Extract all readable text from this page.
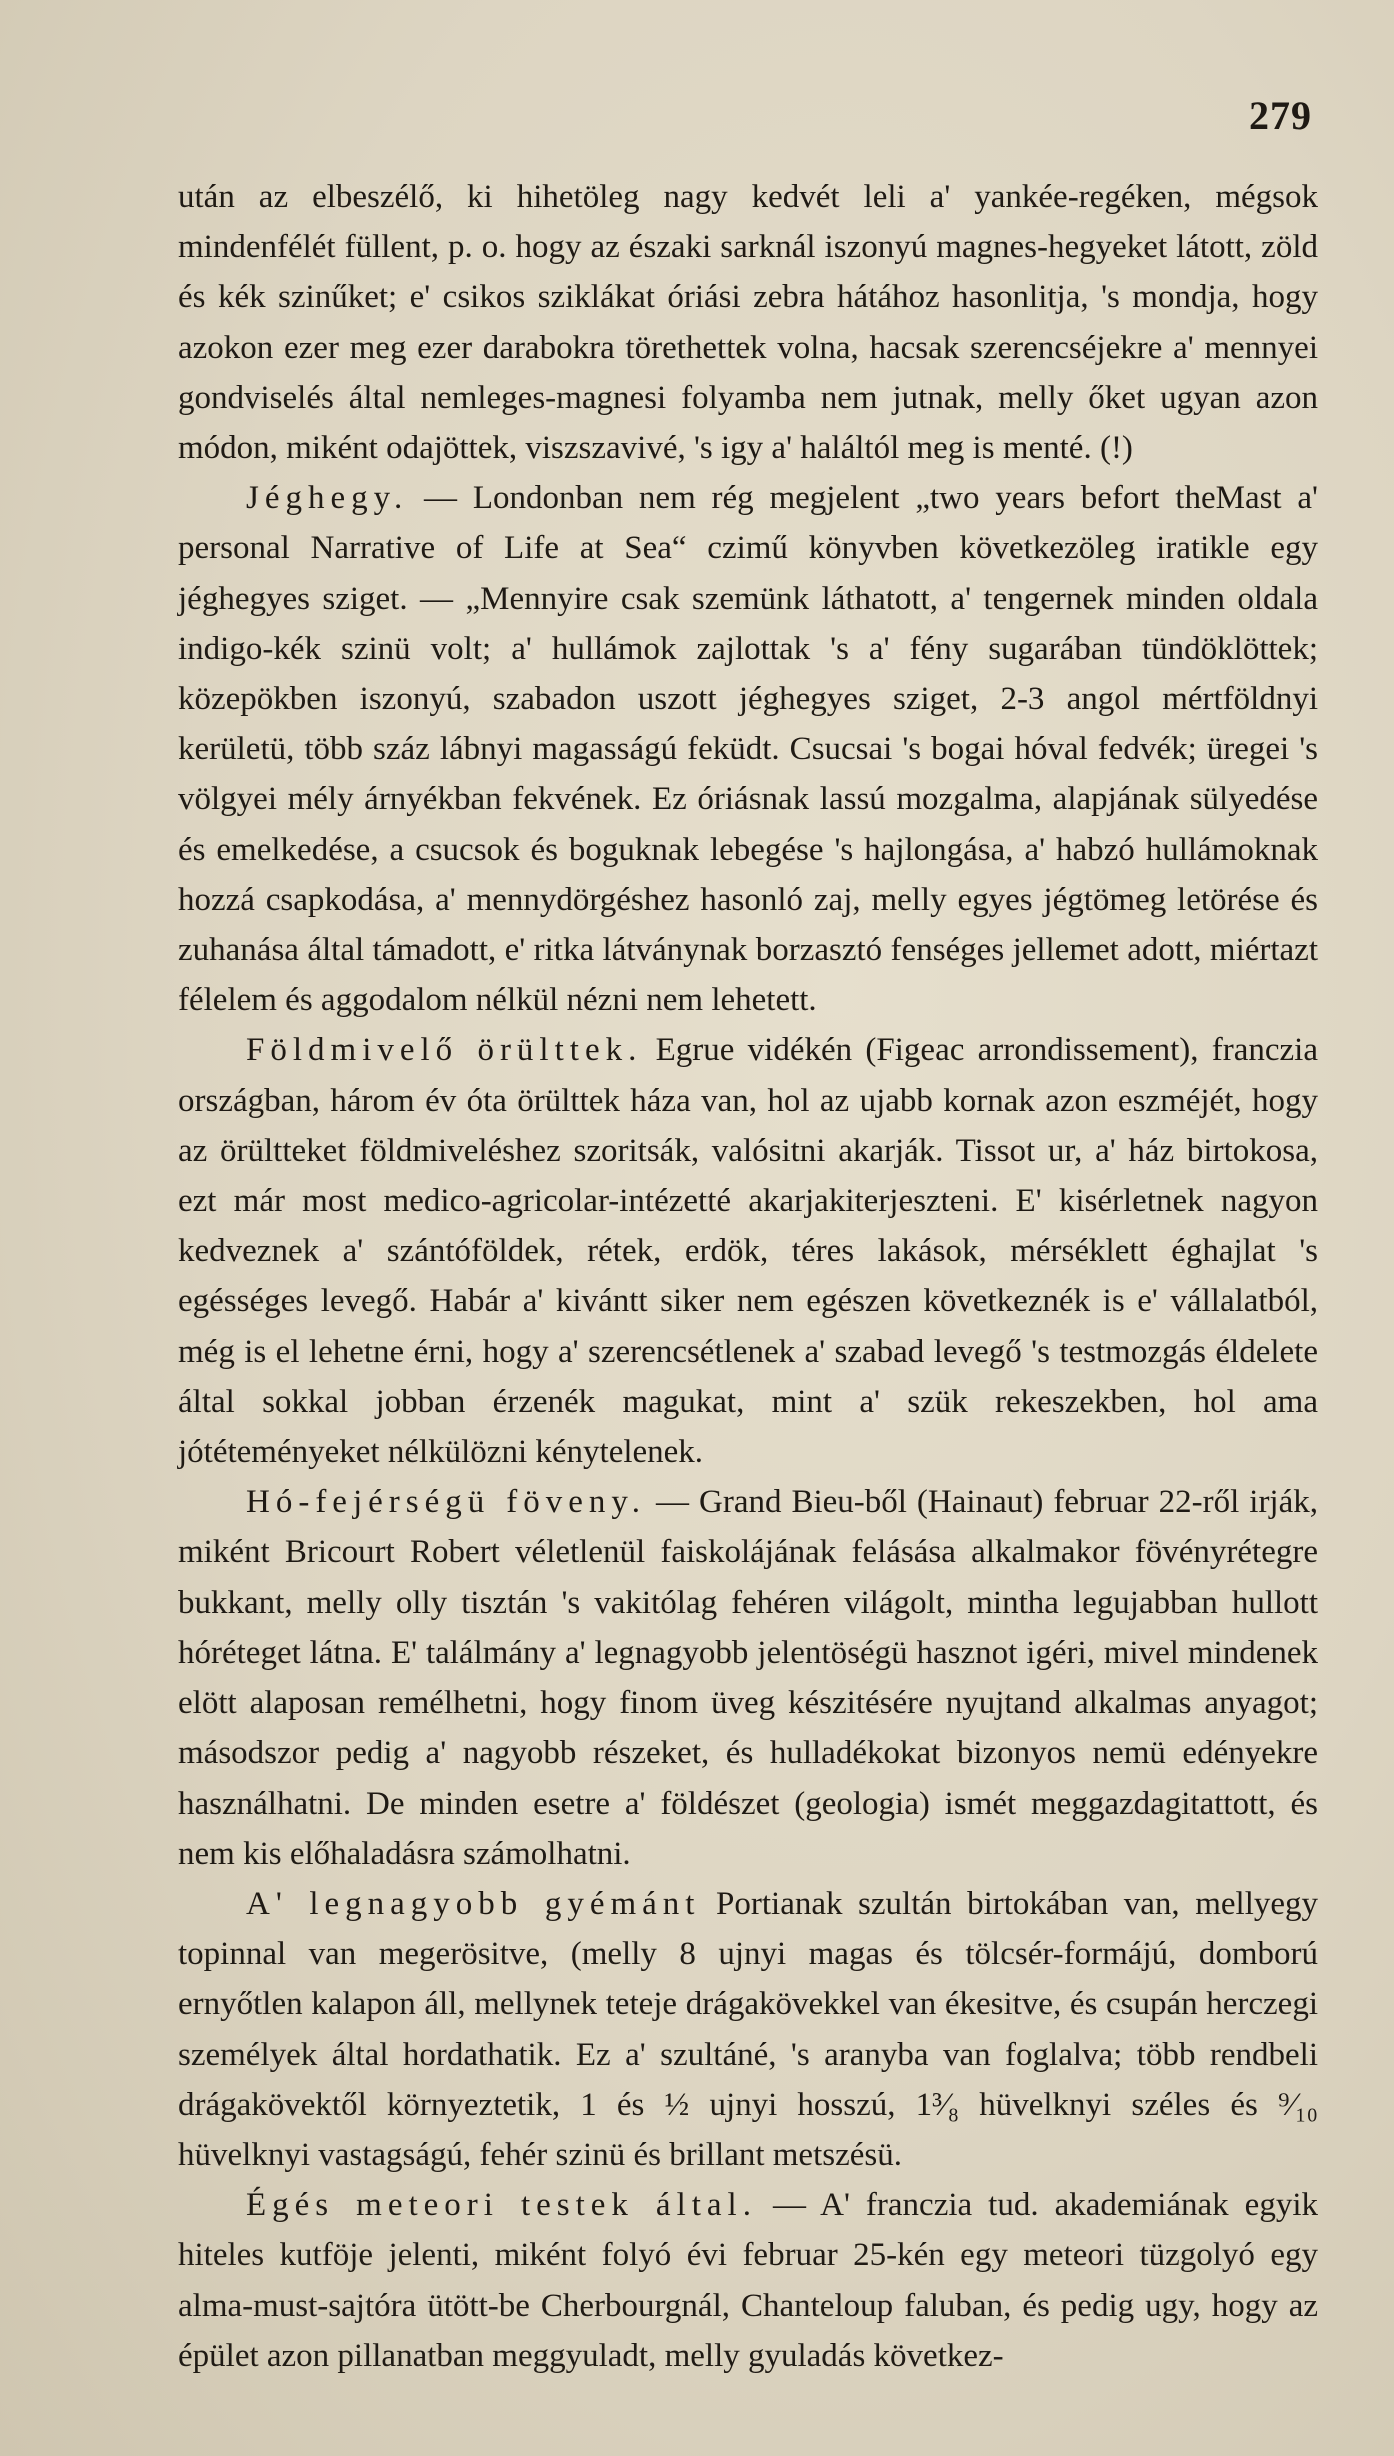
279

után az elbeszélő, ki hihetöleg nagy kedvét leli a' yankée-regéken, mégsok mindenfélét füllent, p. o. hogy az északi sarknál iszonyú magnes-hegyeket látott, zöld és kék szinűket; e' csikos sziklákat óriási zebra hátához hasonlitja, 's mondja, hogy azokon ezer meg ezer darabokra törethettek volna, hacsak szerencséjekre a' mennyei gondviselés által nemleges-magnesi folyamba nem jutnak, melly őket ugyan azon módon, miként odajöttek, viszszavivé, 's igy a' haláltól meg is menté. (!)

Jéghegy. — Londonban nem rég megjelent „two years befort theMast a' personal Narrative of Life at Sea“ czimű könyvben következöleg iratikle egy jéghegyes sziget. — „Mennyire csak szemünk láthatott, a' tengernek minden oldala indigo-kék szinü volt; a' hullámok zajlottak 's a' fény sugarában tündöklöttek; közepökben iszonyú, szabadon uszott jéghegyes sziget, 2-3 angol mértföldnyi kerületü, több száz lábnyi magasságú feküdt. Csucsai 's bogai hóval fedvék; üregei 's völgyei mély árnyékban fekvének. Ez óriásnak lassú mozgalma, alapjának sülyedése és emelkedése, a csucsok és boguknak lebegése 's hajlongása, a' habzó hullámoknak hozzá csapkodása, a' mennydörgéshez hasonló zaj, melly egyes jégtömeg letörése és zuhanása által támadott, e' ritka látványnak borzasztó fenséges jellemet adott, miértazt félelem és aggodalom nélkül nézni nem lehetett.

Földmivelő örülttek. Egrue vidékén (Figeac arrondissement), franczia országban, három év óta örülttek háza van, hol az ujabb kornak azon eszméjét, hogy az örültteket földmiveléshez szoritsák, valósitni akarják. Tissot ur, a' ház birtokosa, ezt már most medico-agricolar-intézetté akarjakiterjeszteni. E' kisérletnek nagyon kedveznek a' szántóföldek, rétek, erdök, téres lakások, mérséklett éghajlat 's egésséges levegő. Habár a' kivántt siker nem egészen következnék is e' vállalatból, még is el lehetne érni, hogy a' szerencsétlenek a' szabad levegő 's testmozgás éldelete által sokkal jobban érzenék magukat, mint a' szük rekeszekben, hol ama jótéteményeket nélkülözni kénytelenek.

Hó-fejérségü föveny. — Grand Bieu-ből (Hainaut) februar 22-ről irják, miként Bricourt Robert véletlenül faiskolájának felásása alkalmakor fövényrétegre bukkant, melly olly tisztán 's vakitólag fehéren világolt, mintha legujabban hullott hóréteget látna. E' találmány a' legnagyobb jelentöségü hasznot igéri, mivel mindenek elött alaposan remélhetni, hogy finom üveg készitésére nyujtand alkalmas anyagot; másodszor pedig a' nagyobb részeket, és hulladékokat bizonyos nemü edényekre használhatni. De minden esetre a' földészet (geologia) ismét meggazdagitattott, és nem kis előhaladásra számolhatni.

A' legnagyobb gyémánt Portianak szultán birtokában van, mellyegy topinnal van megerösitve, (melly 8 ujnyi magas és tölcsér-formájú, domború ernyőtlen kalapon áll, mellynek teteje drágakövekkel van ékesitve, és csupán herczegi személyek által hordathatik. Ez a' szultáné, 's aranyba van foglalva; több rendbeli drágakövektől környeztetik, 1 és ½ ujnyi hosszú, 1³⁄₈ hüvelknyi széles és ⁹⁄₁₀ hüvelknyi vastagságú, fehér szinü és brillant metszésü.

Égés meteori testek által. — A' franczia tud. akademiának egyik hiteles kutföje jelenti, miként folyó évi februar 25-kén egy meteori tüzgolyó egy alma-must-sajtóra ütött-be Cherbourgnál, Chanteloup faluban, és pedig ugy, hogy az épület azon pillanatban meggyuladt, melly gyuladás következ-
